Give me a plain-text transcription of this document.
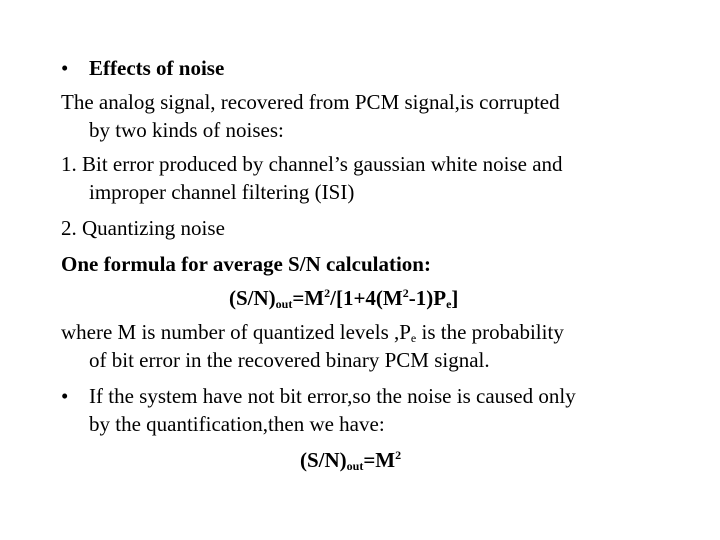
• Effects of noise
The analog signal, recovered from PCM signal,is corrupted
by two kinds of noises:
1. Bit error produced by channel’s gaussian white noise and
improper channel filtering (ISI)
2. Quantizing noise
One formula for average S/N calculation:
$(S/N)_{out}=M^2/[1+4(M^2-1)P_e]$
where M is number of quantized levels $,P_e$ is the probability
of bit error in the recovered binary PCM signal.
• If the system have not bit error,so the noise is caused only
by the quantification,then we have:
$(S/N)_{out}=M^2$
